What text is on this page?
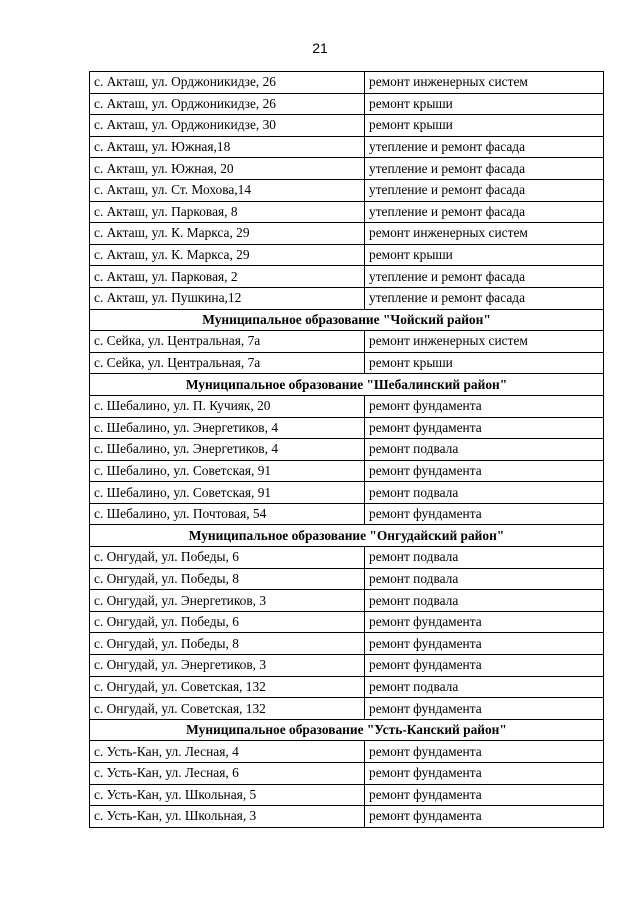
21
с. Акташ, ул. Орджоникидзе, 26	ремонт инженерных систем
с. Акташ, ул. Орджоникидзе, 26	ремонт крыши
с. Акташ, ул. Орджоникидзе, 30	ремонт крыши
с. Акташ, ул. Южная,18	утепление и ремонт фасада
с. Акташ, ул. Южная, 20	утепление и ремонт фасада
с. Акташ, ул. Ст. Мохова,14	утепление и ремонт фасада
с. Акташ, ул. Парковая, 8	утепление и ремонт фасада
с. Акташ, ул. К. Маркса, 29	ремонт инженерных систем
с. Акташ, ул. К. Маркса, 29	ремонт крыши
с. Акташ, ул. Парковая, 2	утепление и ремонт фасада
с. Акташ, ул. Пушкина,12	утепление и ремонт фасада
Муниципальное образование "Чойский район"	
с. Сейка, ул. Центральная, 7а	ремонт инженерных систем
с. Сейка, ул. Центральная, 7а	ремонт крыши
Муниципальное образование "Шебалинский район"	
с. Шебалино, ул. П. Кучияк, 20	ремонт фундамента
с. Шебалино, ул. Энергетиков, 4	ремонт фундамента
с. Шебалино, ул. Энергетиков, 4	ремонт подвала
с. Шебалино, ул. Советская, 91	ремонт фундамента
с. Шебалино, ул. Советская, 91	ремонт подвала
с. Шебалино, ул. Почтовая, 54	ремонт фундамента
Муниципальное образование "Онгудайский район"	
с. Онгудай, ул. Победы, 6	ремонт подвала
с. Онгудай, ул. Победы, 8	ремонт подвала
с. Онгудай, ул. Энергетиков, 3	ремонт подвала
с. Онгудай, ул. Победы, 6	ремонт фундамента
с. Онгудай, ул. Победы, 8	ремонт фундамента
с. Онгудай, ул. Энергетиков, 3	ремонт фундамента
с. Онгудай, ул. Советская, 132	ремонт подвала
с. Онгудай, ул. Советская, 132	ремонт фундамента
Муниципальное образование "Усть-Канский район"	
с. Усть-Кан, ул. Лесная, 4	ремонт фундамента
с. Усть-Кан, ул. Лесная, 6	ремонт фундамента
с. Усть-Кан, ул. Школьная, 5	ремонт фундамента
с. Усть-Кан, ул. Школьная, 3	ремонт фундамента
